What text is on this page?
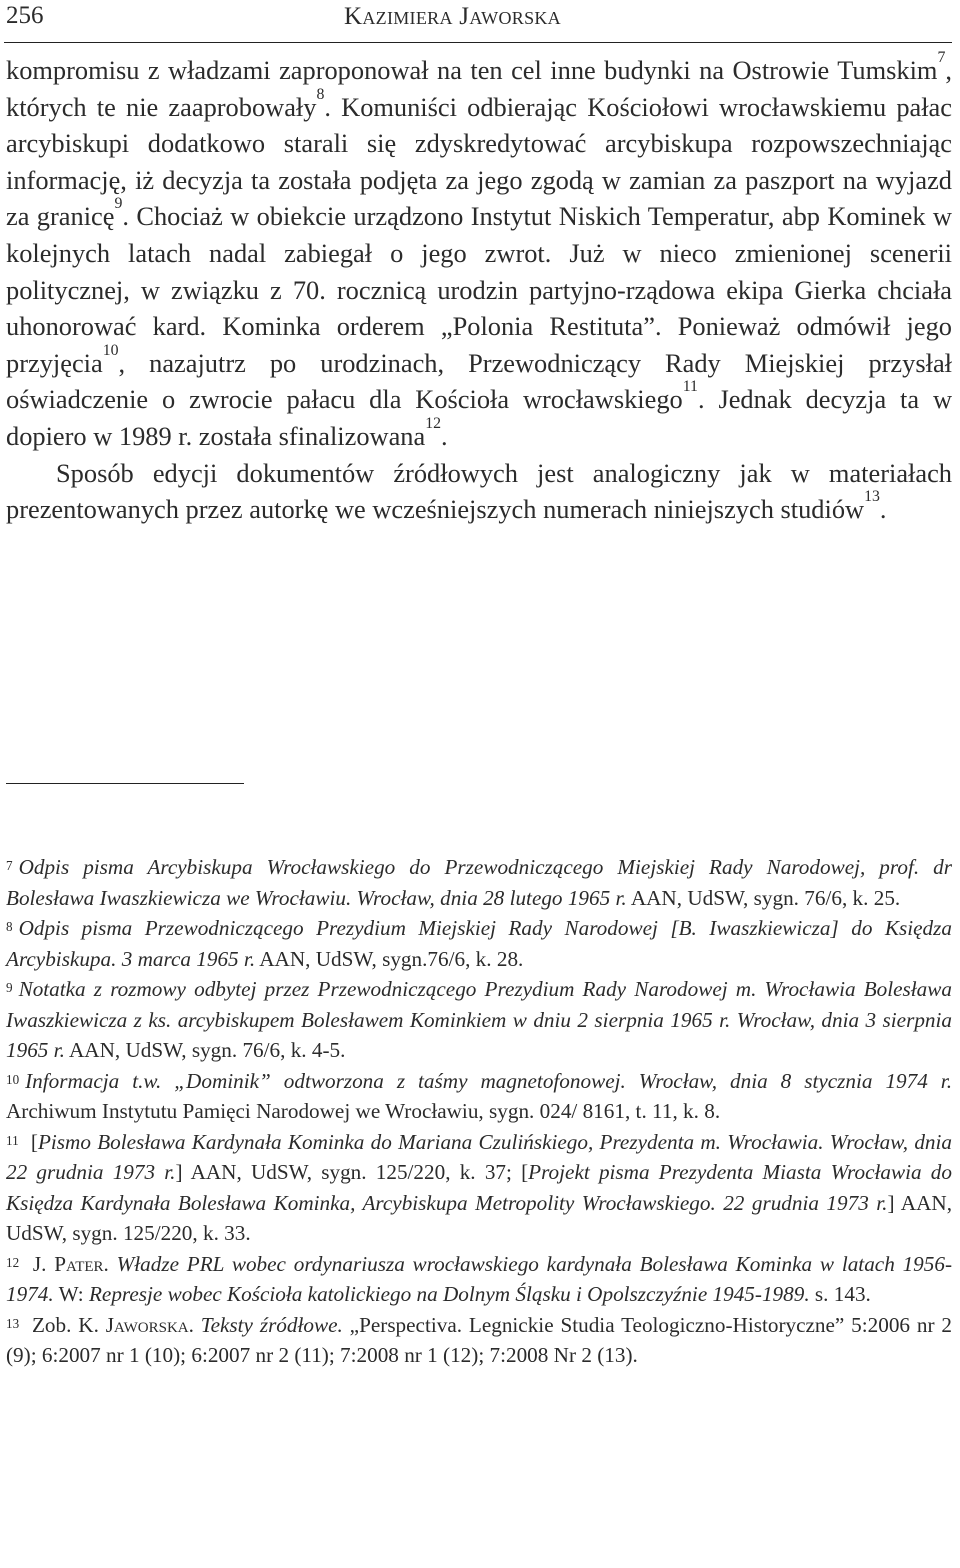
256	Kazimiera Jaworska

kompromisu z władzami zaproponował na ten cel inne budynki na Ostrowie Tumskim$^7$, których te nie zaaprobowały$^8$. Komuniści odbierając Kościołowi wrocławskiemu pałac arcybiskupi dodatkowo starali się zdyskredytować arcybiskupa rozpowszechniając informację, iż decyzja ta została podjęta za jego zgodą w zamian za paszport na wyjazd za granicę$^9$. Chociaż w obiekcie urządzono Instytut Niskich Temperatur, abp Kominek w kolejnych latach nadal zabiegał o jego zwrot. Już w nieco zmienionej scenerii politycznej, w związku z 70. rocznicą urodzin partyjno-rządowa ekipa Gierka chciała uhonorować kard. Kominka orderem „Polonia Restituta”. Ponieważ odmówił jego przyjęcia$^{10}$, nazajutrz po urodzinach, Przewodniczący Rady Miejskiej przysłał oświadczenie o zwrocie pałacu dla Kościoła wrocławskiego$^{11}$. Jednak decyzja ta w dopiero w 1989 r. została sfinalizowana$^{12}$.

Sposób edycji dokumentów źródłowych jest analogiczny jak w materiałach prezentowanych przez autorkę we wcześniejszych numerach niniejszych studiów$^{13}$.

$^7$ Odpis pisma Arcybiskupa Wrocławskiego do Przewodniczącego Miejskiej Rady Narodowej, prof. dr Bolesława Iwaszkiewicza we Wrocławiu. Wrocław, dnia 28 lutego 1965 r. AAN, UdSW, sygn. 76/6, k. 25.

$^8$ Odpis pisma Przewodniczącego Prezydium Miejskiej Rady Narodowej [B. Iwaszkiewicza] do Księdza Arcybiskupa. 3 marca 1965 r. AAN, UdSW, sygn.76/6, k. 28.

$^9$ Notatka z rozmowy odbytej przez Przewodniczącego Prezydium Rady Narodowej m. Wrocławia Bolesława Iwaszkiewicza z ks. arcybiskupem Bolesławem Kominkiem w dniu 2 sierpnia 1965 r. Wrocław, dnia 3 sierpnia 1965 r. AAN, UdSW, sygn. 76/6, k. 4-5.

$^{10}$ Informacja t.w. „Dominik” odtworzona z taśmy magnetofonowej. Wrocław, dnia 8 stycznia 1974 r. Archiwum Instytutu Pamięci Narodowej we Wrocławiu, sygn. 024/ 8161, t. 11, k. 8.

$^{11}$ [Pismo Bolesława Kardynała Kominka do Mariana Czulińskiego, Prezydenta m. Wrocławia. Wrocław, dnia 22 grudnia 1973 r.] AAN, UdSW, sygn. 125/220, k. 37; [Projekt pisma Prezydenta Miasta Wrocławia do Księdza Kardynała Bolesława Kominka, Arcybiskupa Metropolity Wrocławskiego. 22 grudnia 1973 r.] AAN, UdSW, sygn. 125/220, k. 33.

$^{12}$ J. Pater. Władze PRL wobec ordynariusza wrocławskiego kardynała Bolesława Kominka w latach 1956-1974. W: Represje wobec Kościoła katolickiego na Dolnym Śląsku i Opolszczyźnie 1945-1989. s. 143.

$^{13}$ Zob. K. Jaworska. Teksty źródłowe. „Perspectiva. Legnickie Studia Teologiczno-Historyczne” 5:2006 nr 2 (9); 6:2007 nr 1 (10); 6:2007 nr 2 (11); 7:2008 nr 1 (12); 7:2008 Nr 2 (13).
